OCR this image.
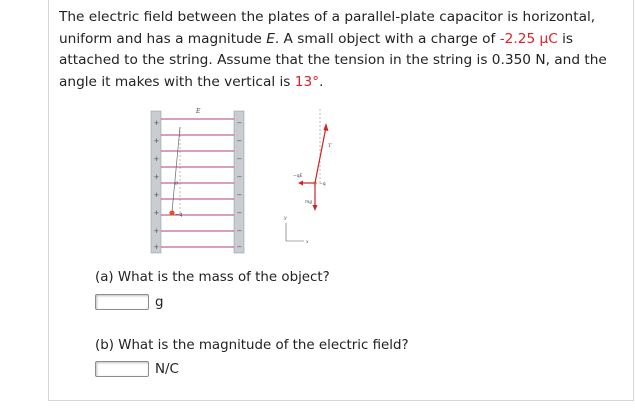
The electric field between the plates of a parallel-plate capacitor is horizontal, uniform and has a magnitude E. A small object with a charge of -2.25 μC is attached to the string. Assume that the tension in the string is 0.350 N, and the angle it makes with the vertical is 13°.
+
+
+
+
+
+
+
+
−
−
−
−
−
−
−
−
E
θ
−q
T
−qE
mg
−q
y
x
(a) What is the mass of the object?
g
(b) What is the magnitude of the electric field?
N/C
